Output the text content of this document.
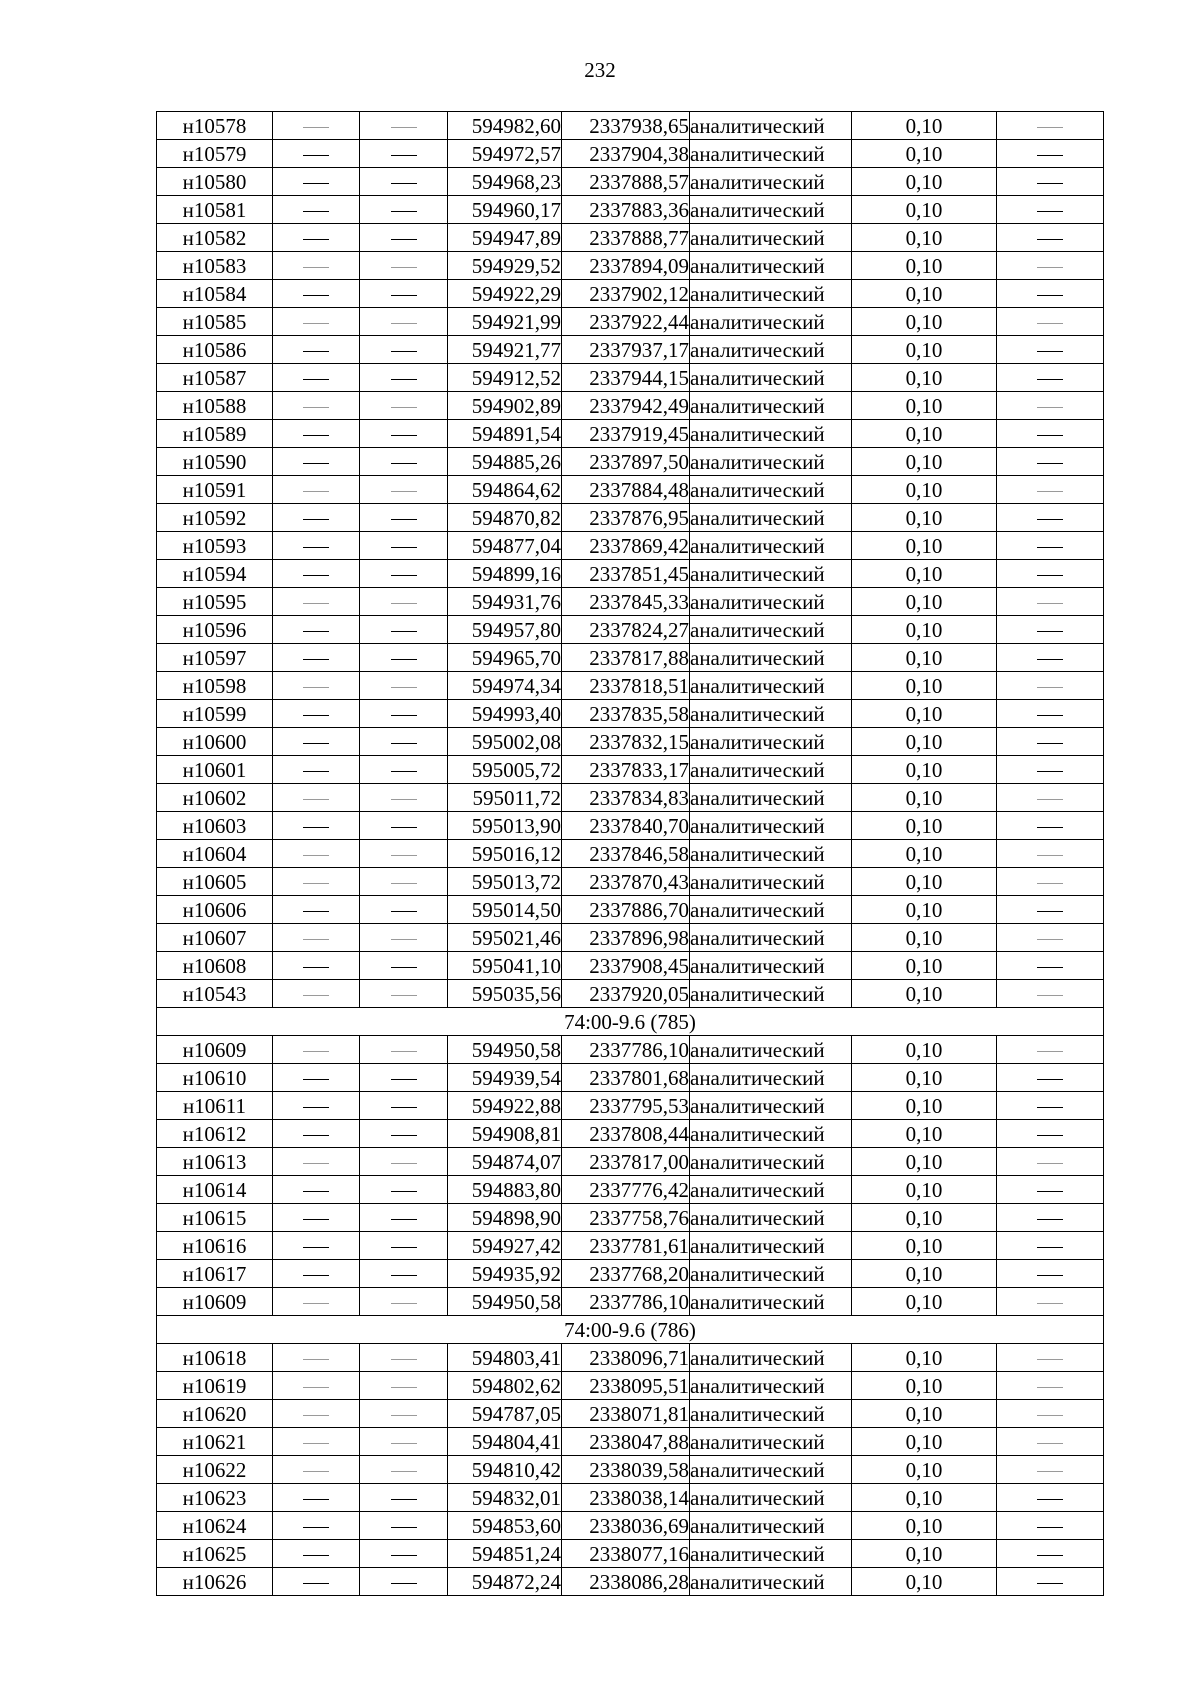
232
н10578			594982,60	2337938,65	аналитический	0,10	
н10579			594972,57	2337904,38	аналитический	0,10	
н10580			594968,23	2337888,57	аналитический	0,10	
н10581			594960,17	2337883,36	аналитический	0,10	
н10582			594947,89	2337888,77	аналитический	0,10	
н10583			594929,52	2337894,09	аналитический	0,10	
н10584			594922,29	2337902,12	аналитический	0,10	
н10585			594921,99	2337922,44	аналитический	0,10	
н10586			594921,77	2337937,17	аналитический	0,10	
н10587			594912,52	2337944,15	аналитический	0,10	
н10588			594902,89	2337942,49	аналитический	0,10	
н10589			594891,54	2337919,45	аналитический	0,10	
н10590			594885,26	2337897,50	аналитический	0,10	
н10591			594864,62	2337884,48	аналитический	0,10	
н10592			594870,82	2337876,95	аналитический	0,10	
н10593			594877,04	2337869,42	аналитический	0,10	
н10594			594899,16	2337851,45	аналитический	0,10	
н10595			594931,76	2337845,33	аналитический	0,10	
н10596			594957,80	2337824,27	аналитический	0,10	
н10597			594965,70	2337817,88	аналитический	0,10	
н10598			594974,34	2337818,51	аналитический	0,10	
н10599			594993,40	2337835,58	аналитический	0,10	
н10600			595002,08	2337832,15	аналитический	0,10	
н10601			595005,72	2337833,17	аналитический	0,10	
н10602			595011,72	2337834,83	аналитический	0,10	
н10603			595013,90	2337840,70	аналитический	0,10	
н10604			595016,12	2337846,58	аналитический	0,10	
н10605			595013,72	2337870,43	аналитический	0,10	
н10606			595014,50	2337886,70	аналитический	0,10	
н10607			595021,46	2337896,98	аналитический	0,10	
н10608			595041,10	2337908,45	аналитический	0,10	
н10543			595035,56	2337920,05	аналитический	0,10	
74:00-9.6 (785)							
н10609			594950,58	2337786,10	аналитический	0,10	
н10610			594939,54	2337801,68	аналитический	0,10	
н10611			594922,88	2337795,53	аналитический	0,10	
н10612			594908,81	2337808,44	аналитический	0,10	
н10613			594874,07	2337817,00	аналитический	0,10	
н10614			594883,80	2337776,42	аналитический	0,10	
н10615			594898,90	2337758,76	аналитический	0,10	
н10616			594927,42	2337781,61	аналитический	0,10	
н10617			594935,92	2337768,20	аналитический	0,10	
н10609			594950,58	2337786,10	аналитический	0,10	
74:00-9.6 (786)							
н10618			594803,41	2338096,71	аналитический	0,10	
н10619			594802,62	2338095,51	аналитический	0,10	
н10620			594787,05	2338071,81	аналитический	0,10	
н10621			594804,41	2338047,88	аналитический	0,10	
н10622			594810,42	2338039,58	аналитический	0,10	
н10623			594832,01	2338038,14	аналитический	0,10	
н10624			594853,60	2338036,69	аналитический	0,10	
н10625			594851,24	2338077,16	аналитический	0,10	
н10626			594872,24	2338086,28	аналитический	0,10	
